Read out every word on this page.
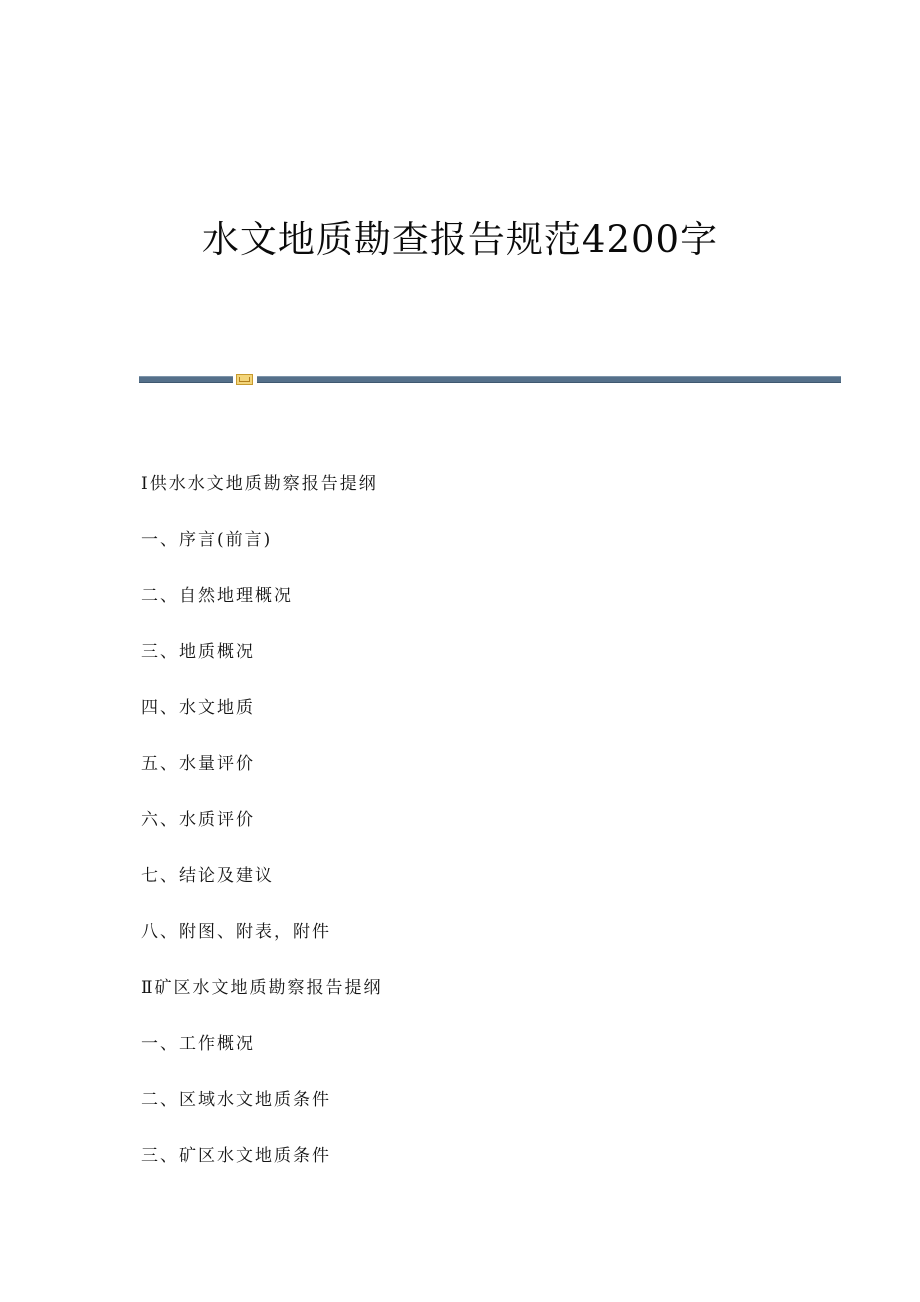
水文地质勘查报告规范4200字
I供水水文地质勘察报告提纲
一、序言(前言)
二、自然地理概况
三、地质概况
四、水文地质
五、水量评价
六、水质评价
七、结论及建议
八、附图、附表，附件
Ⅱ矿区水文地质勘察报告提纲
一、工作概况
二、区域水文地质条件
三、矿区水文地质条件
